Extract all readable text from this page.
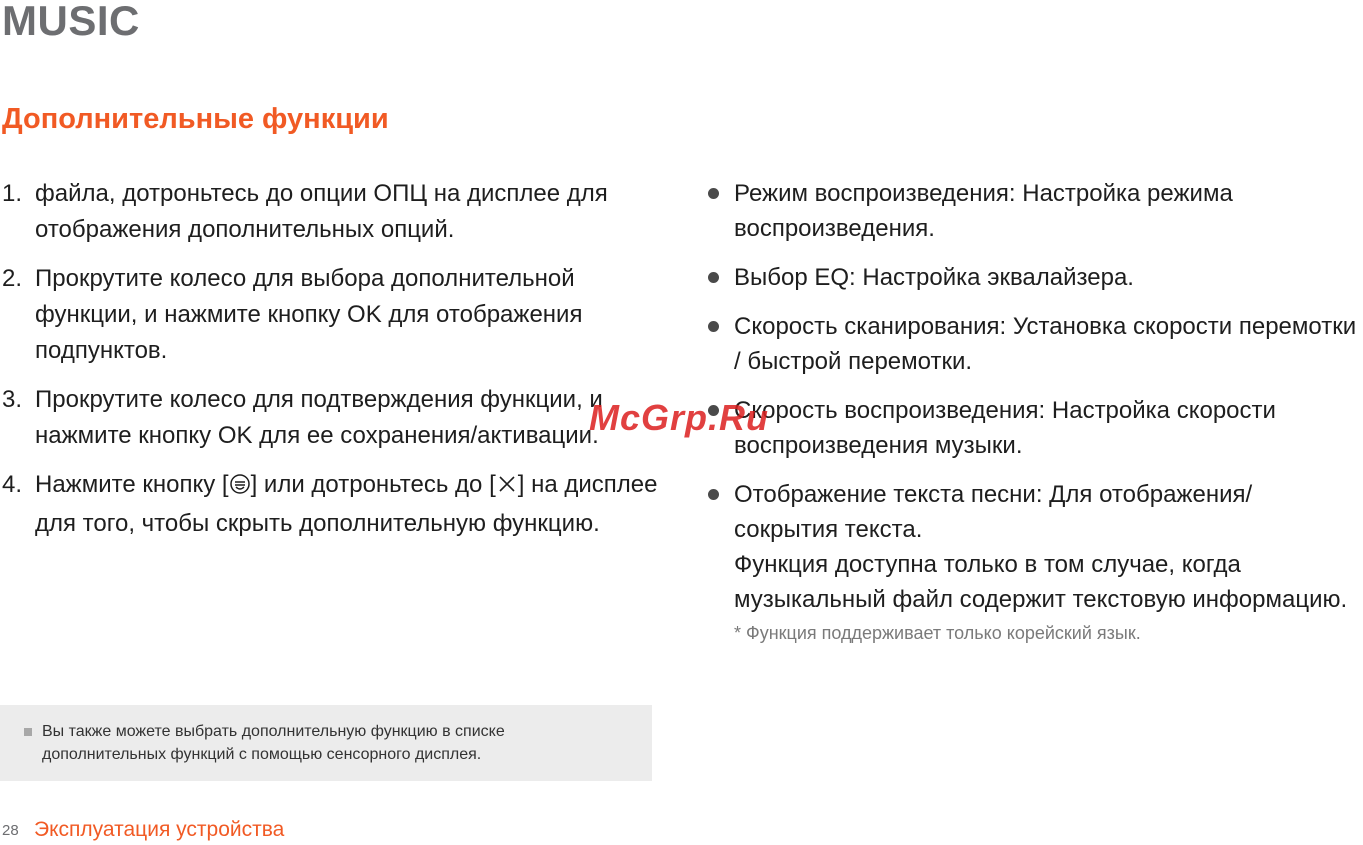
MUSIC
Дополнительные функции
1. файла, дотроньтесь до опции ОПЦ на дисплее для отображения дополнительных опций.
2. Прокрутите колесо для выбора дополнительной функции, и нажмите кнопку OK для отображения подпунктов.
3. Прокрутите колесо для подтверждения функции, и нажмите кнопку OK для ее сохранения/активации.
4. Нажмите кнопку [ ] или дотроньтесь до [ ] на дисплее для того, чтобы скрыть дополнительную функцию.
Режим воспроизведения: Настройка режима воспроизведения.
Выбор EQ: Настройка эквалайзера.
Скорость сканирования: Установка скорости перемотки / быстрой перемотки.
Скорость воспроизведения: Настройка скорости воспроизведения музыки.
Отображение текста песни: Для отображения/ сокрытия текста.
Функция доступна только в том случае, когда музыкальный файл содержит текстовую информацию.
* Функция поддерживает только корейский язык.
Вы также можете выбрать дополнительную функцию в списке дополнительных функций с помощью сенсорного дисплея.
28 Эксплуатация устройства
McGrp.Ru
